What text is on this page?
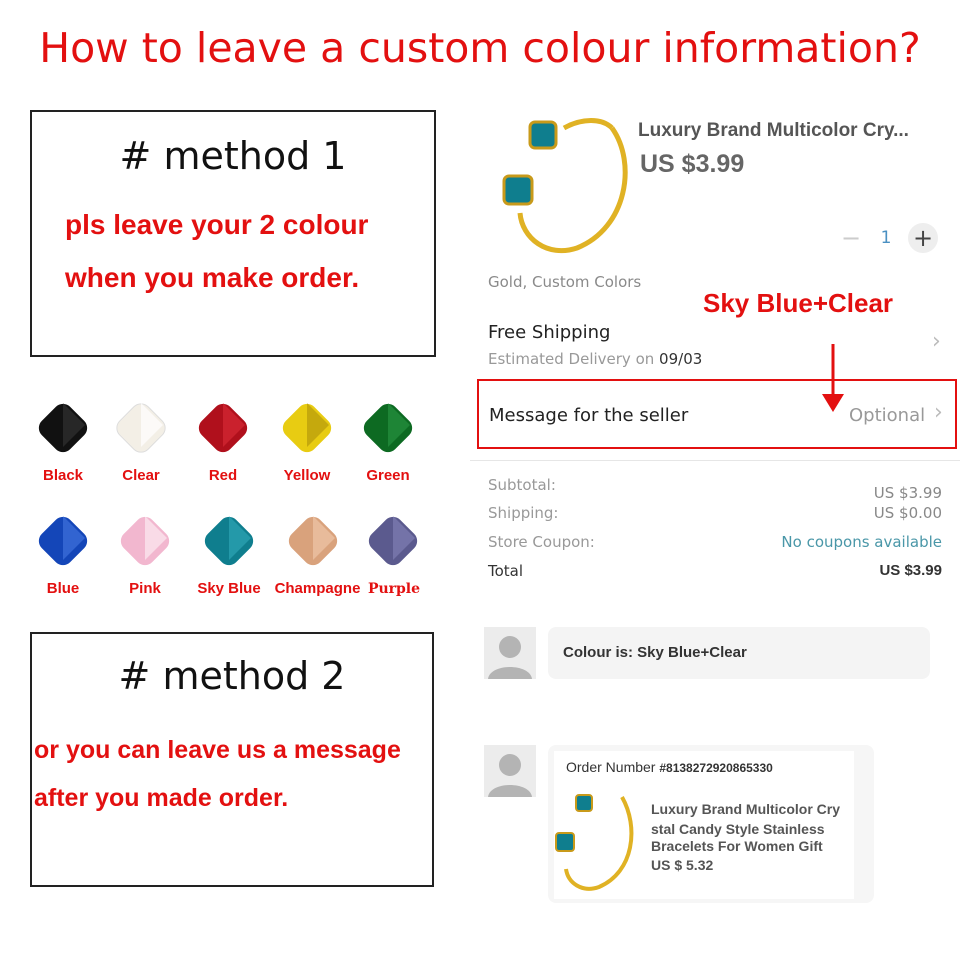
How to leave a custom colour information?
# method 1
pls leave your 2 colour
when you make order.
Black	Clear	Red	Yellow	Green
Blue	Pink	Sky Blue Champagne Purple
# method 2
or you can leave us a message
after you made order.
Luxury Brand Multicolor Cry...
US $3.99
− 1 +
Gold, Custom Colors
Sky Blue+Clear
Free Shipping
Estimated Delivery on 09/03
›
Message for the seller	Optional ›
Subtotal:	US $3.99
Shipping:	US $0.00
Store Coupon:	No coupons available
Total	US $3.99
Colour is: Sky Blue+Clear
Order Number #8138272920865330
Luxury Brand Multicolor Cry
stal Candy Style Stainless
Bracelets For Women Gift
US $ 5.32
